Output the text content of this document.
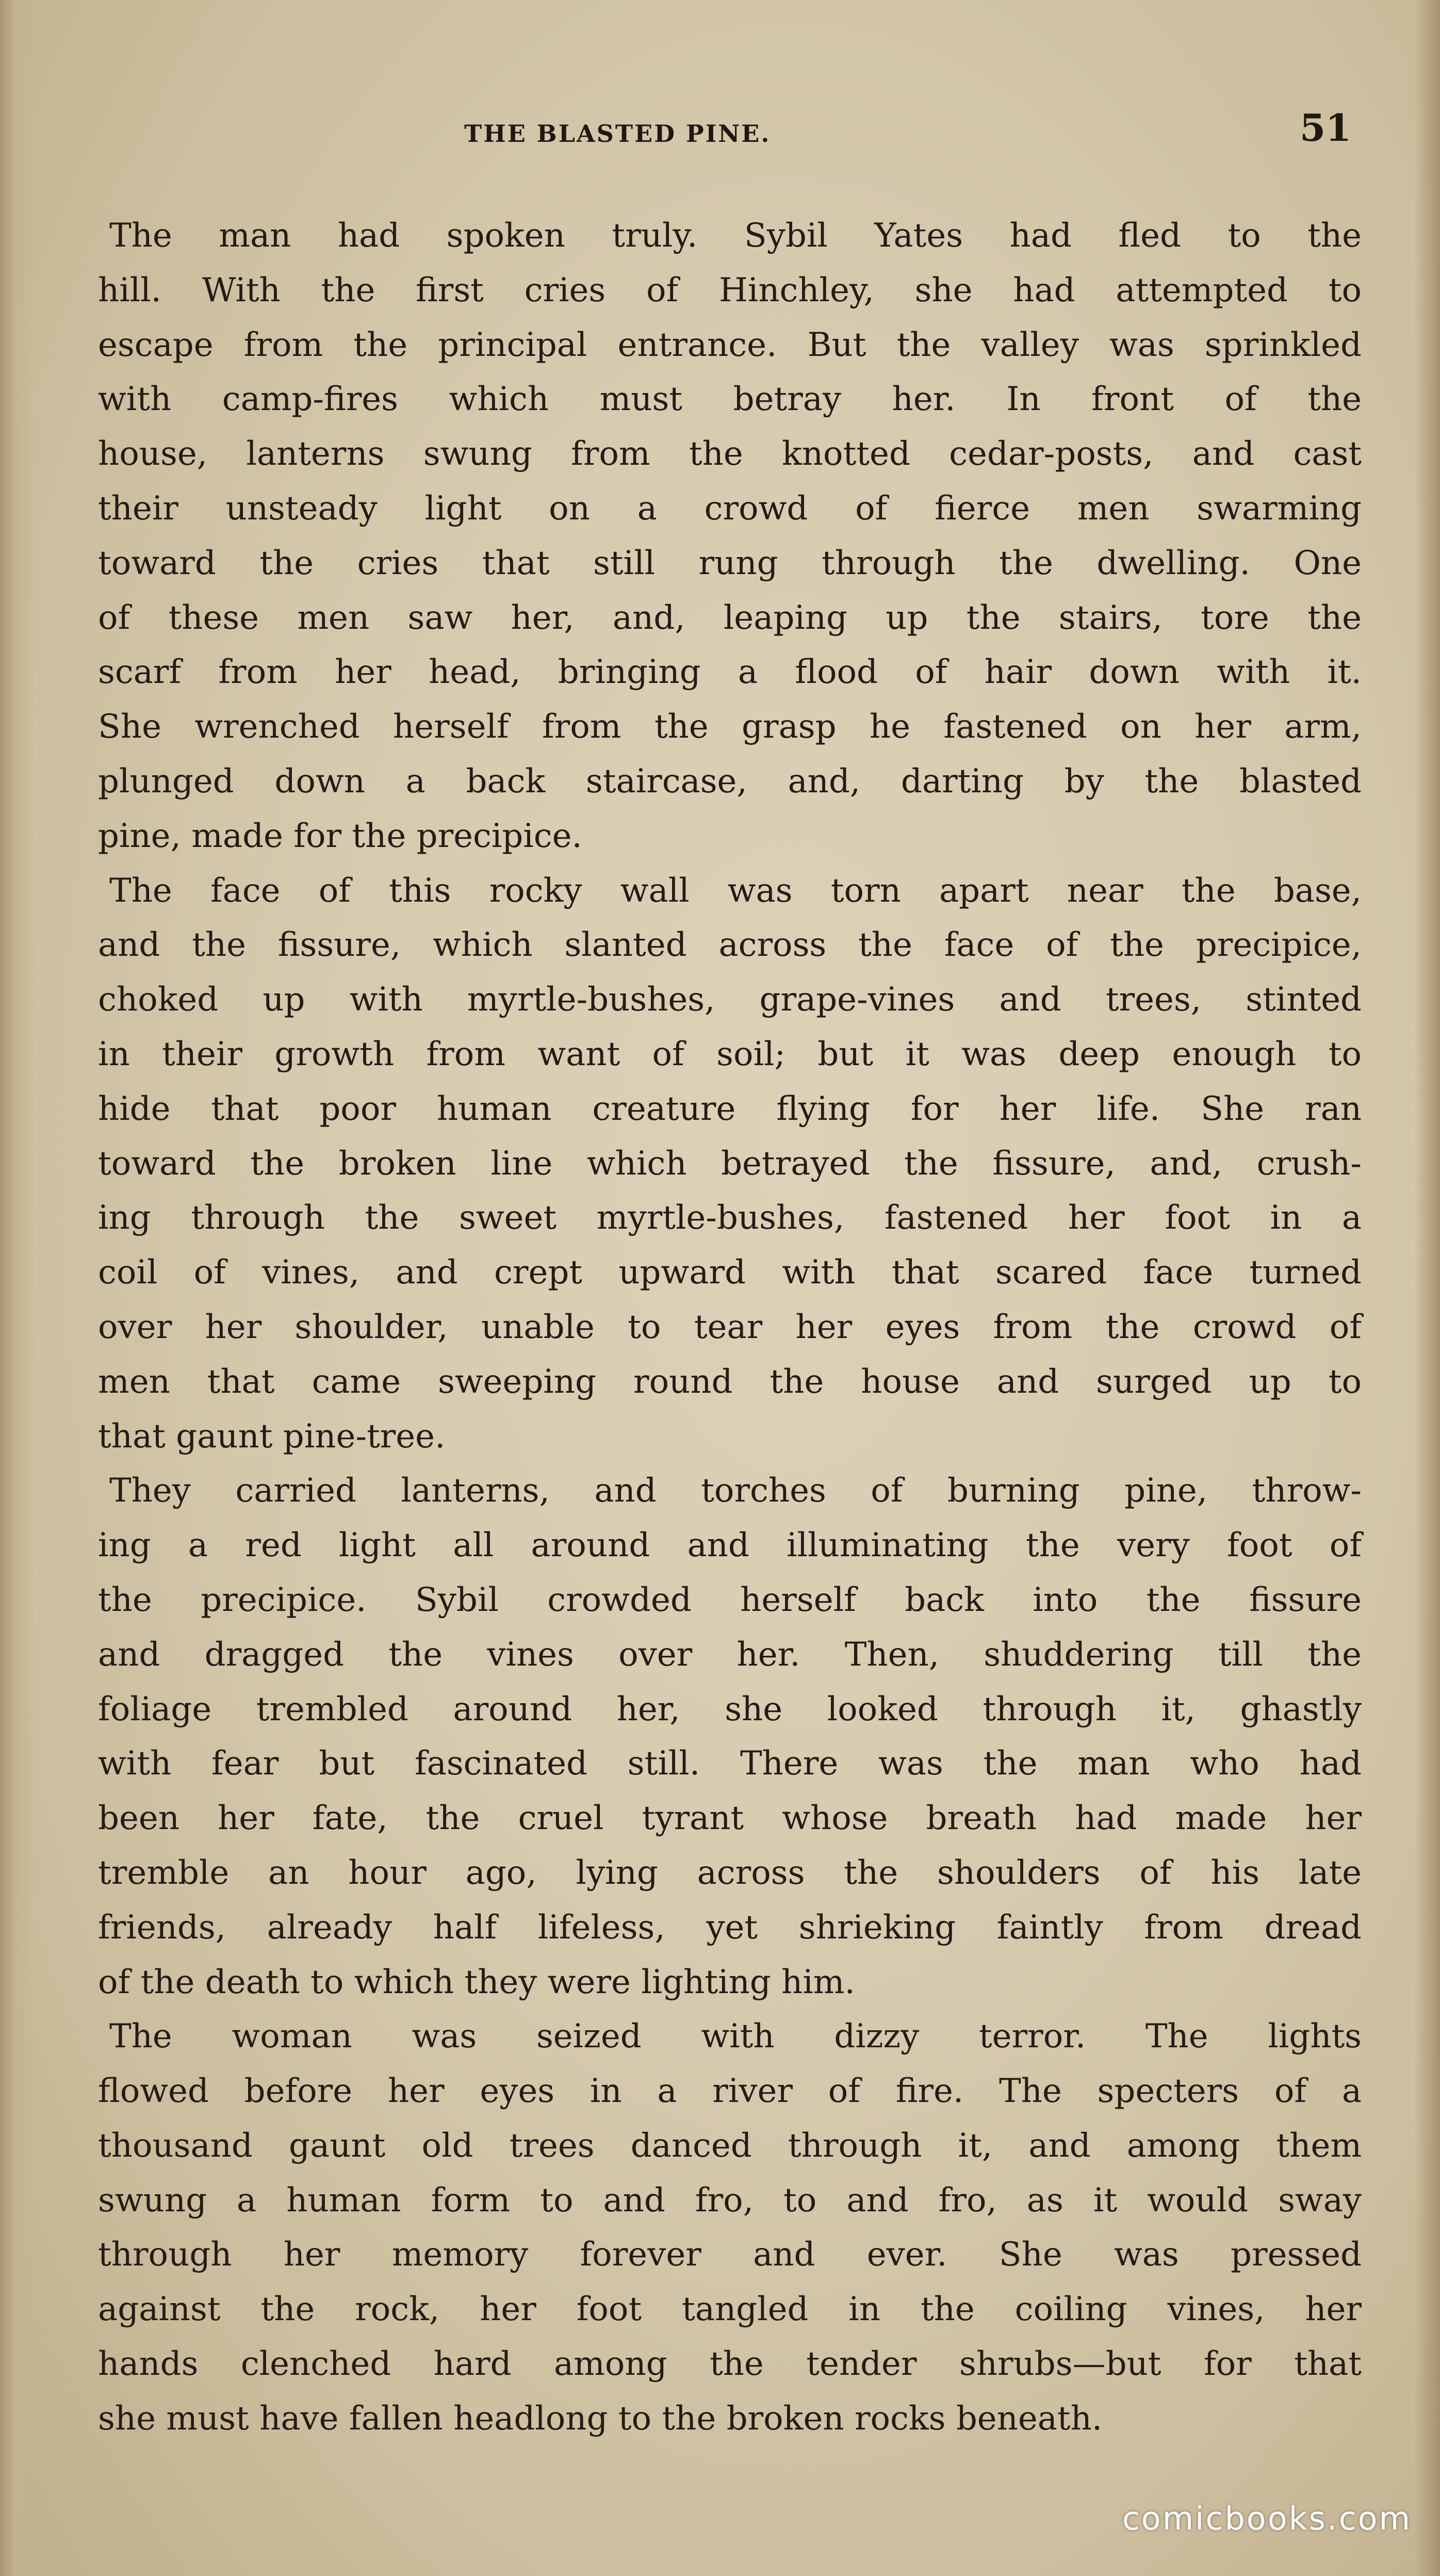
THE BLASTED PINE.	51

The man had spoken truly. Sybil Yates had fled to the
hill. With the first cries of Hinchley, she had attempted to
escape from the principal entrance. But the valley was sprinkled
with camp-fires which must betray her. In front of the
house, lanterns swung from the knotted cedar-posts, and cast
their unsteady light on a crowd of fierce men swarming
toward the cries that still rung through the dwelling. One
of these men saw her, and, leaping up the stairs, tore the
scarf from her head, bringing a flood of hair down with it.
She wrenched herself from the grasp he fastened on her arm,
plunged down a back staircase, and, darting by the blasted
pine, made for the precipice.

The face of this rocky wall was torn apart near the base,
and the fissure, which slanted across the face of the precipice,
choked up with myrtle-bushes, grape-vines and trees, stinted
in their growth from want of soil; but it was deep enough to
hide that poor human creature flying for her life. She ran
toward the broken line which betrayed the fissure, and, crush-
ing through the sweet myrtle-bushes, fastened her foot in a
coil of vines, and crept upward with that scared face turned
over her shoulder, unable to tear her eyes from the crowd of
men that came sweeping round the house and surged up to
that gaunt pine-tree.

They carried lanterns, and torches of burning pine, throw-
ing a red light all around and illuminating the very foot of
the precipice. Sybil crowded herself back into the fissure
and dragged the vines over her. Then, shuddering till the
foliage trembled around her, she looked through it, ghastly
with fear but fascinated still. There was the man who had
been her fate, the cruel tyrant whose breath had made her
tremble an hour ago, lying across the shoulders of his late
friends, already half lifeless, yet shrieking faintly from dread
of the death to which they were lighting him.

The woman was seized with dizzy terror. The lights
flowed before her eyes in a river of fire. The specters of a
thousand gaunt old trees danced through it, and among them
swung a human form to and fro, to and fro, as it would sway
through her memory forever and ever. She was pressed
against the rock, her foot tangled in the coiling vines, her
hands clenched hard among the tender shrubs—but for that
she must have fallen headlong to the broken rocks beneath.

comicbooks.com
